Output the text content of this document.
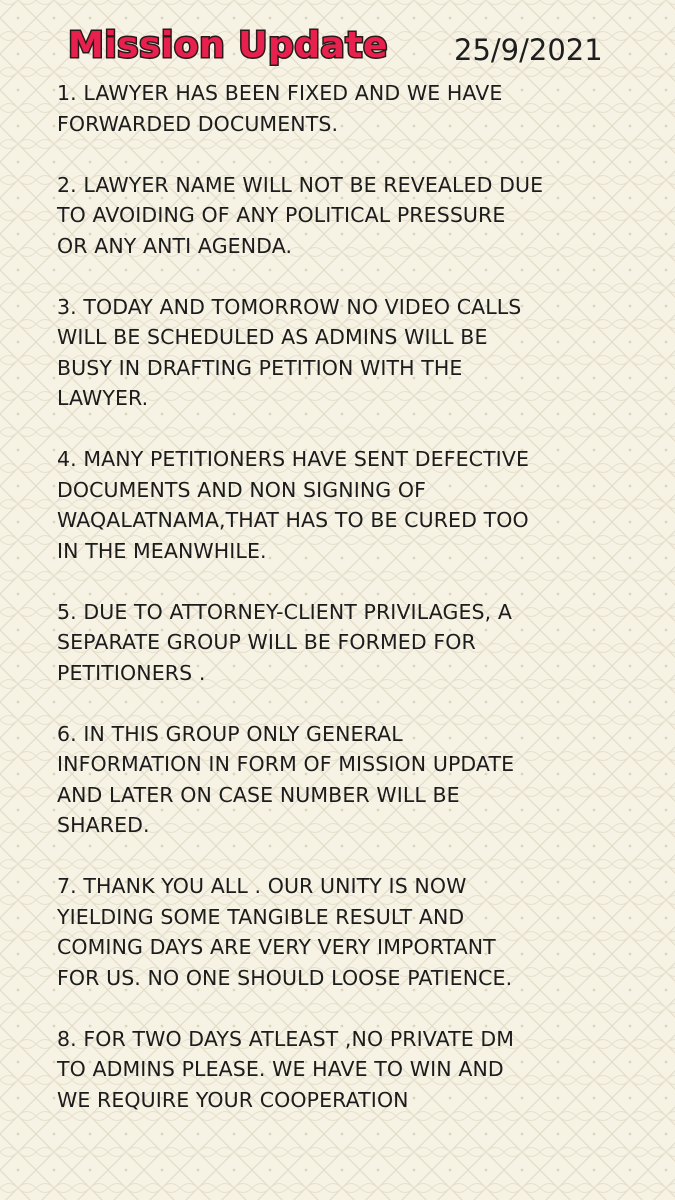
Mission Update 25/9/2021

1. LAWYER HAS BEEN FIXED AND WE HAVE
FORWARDED DOCUMENTS.

2. LAWYER NAME WILL NOT BE REVEALED DUE
TO AVOIDING OF ANY POLITICAL PRESSURE
OR ANY ANTI AGENDA.

3. TODAY AND TOMORROW NO VIDEO CALLS
WILL BE SCHEDULED AS ADMINS WILL BE
BUSY IN DRAFTING PETITION WITH THE
LAWYER.

4. MANY PETITIONERS HAVE SENT DEFECTIVE
DOCUMENTS AND NON SIGNING OF
WAQALATNAMA,THAT HAS TO BE CURED TOO
IN THE MEANWHILE.

5. DUE TO ATTORNEY-CLIENT PRIVILAGES, A
SEPARATE GROUP WILL BE FORMED FOR
PETITIONERS .

6. IN THIS GROUP ONLY GENERAL
INFORMATION IN FORM OF MISSION UPDATE
AND LATER ON CASE NUMBER WILL BE
SHARED.

7. THANK YOU ALL . OUR UNITY IS NOW
YIELDING SOME TANGIBLE RESULT AND
COMING DAYS ARE VERY VERY IMPORTANT
FOR US. NO ONE SHOULD LOOSE PATIENCE.

8. FOR TWO DAYS ATLEAST ,NO PRIVATE DM
TO ADMINS PLEASE. WE HAVE TO WIN AND
WE REQUIRE YOUR COOPERATION
